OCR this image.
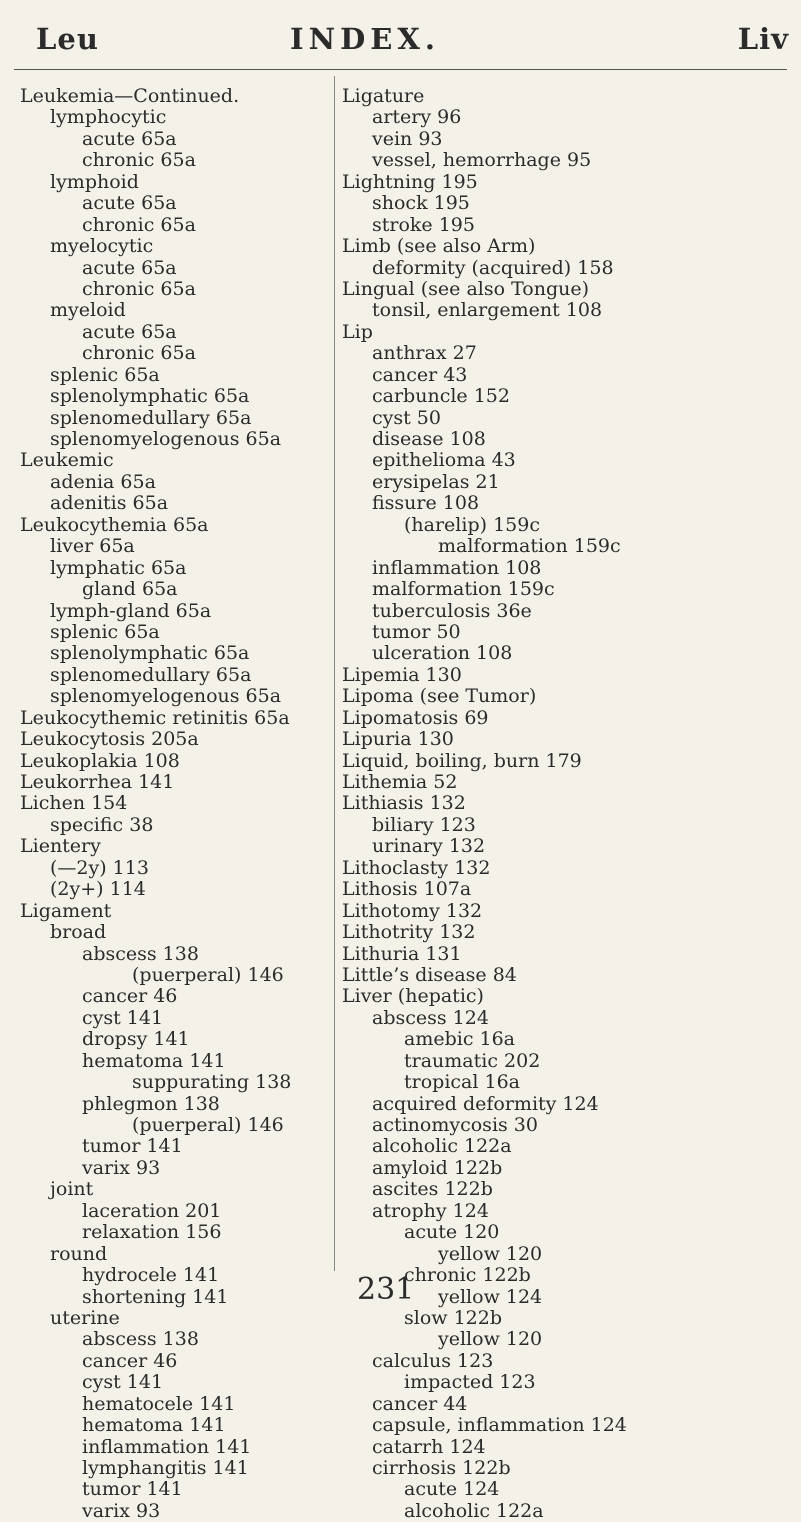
Leu	INDEX.	Liv
Leukemia—Continued.
lymphocytic
acute 65a
chronic 65a
lymphoid
acute 65a
chronic 65a
myelocytic
acute 65a
chronic 65a
myeloid
acute 65a
chronic 65a
splenic 65a
splenolymphatic 65a
splenomedullary 65a
splenomyelogenous 65a
Leukemic
adenia 65a
adenitis 65a
Leukocythemia 65a
liver 65a
lymphatic 65a
gland 65a
lymph-gland 65a
splenic 65a
splenolymphatic 65a
splenomedullary 65a
splenomyelogenous 65a
Leukocythemic retinitis 65a
Leukocytosis 205a
Leukoplakia 108
Leukorrhea 141
Lichen 154
specific 38
Lientery
(—2y) 113
(2y+) 114
Ligament
broad
abscess 138
(puerperal) 146
cancer 46
cyst 141
dropsy 141
hematoma 141
suppurating 138
phlegmon 138
(puerperal) 146
tumor 141
varix 93
joint
laceration 201
relaxation 156
round
hydrocele 141
shortening 141
uterine
abscess 138
cancer 46
cyst 141
hematocele 141
hematoma 141
inflammation 141
lymphangitis 141
tumor 141
varix 93
Ligature
artery 96
vein 93
vessel, hemorrhage 95
Lightning 195
shock 195
stroke 195
Limb (see also Arm)
deformity (acquired) 158
Lingual (see also Tongue)
tonsil, enlargement 108
Lip
anthrax 27
cancer 43
carbuncle 152
cyst 50
disease 108
epithelioma 43
erysipelas 21
fissure 108
(harelip) 159c
malformation 159c
inflammation 108
malformation 159c
tuberculosis 36e
tumor 50
ulceration 108
Lipemia 130
Lipoma (see Tumor)
Lipomatosis 69
Lipuria 130
Liquid, boiling, burn 179
Lithemia 52
Lithiasis 132
biliary 123
urinary 132
Lithoclasty 132
Lithosis 107a
Lithotomy 132
Lithotrity 132
Lithuria 131
Little’s disease 84
Liver (hepatic)
abscess 124
amebic 16a
traumatic 202
tropical 16a
acquired deformity 124
actinomycosis 30
alcoholic 122a
amyloid 122b
ascites 122b
atrophy 124
acute 120
yellow 120
chronic 122b
yellow 124
slow 122b
yellow 120
calculus 123
impacted 123
cancer 44
capsule, inflammation 124
catarrh 124
cirrhosis 122b
acute 124
alcoholic 122a
231
